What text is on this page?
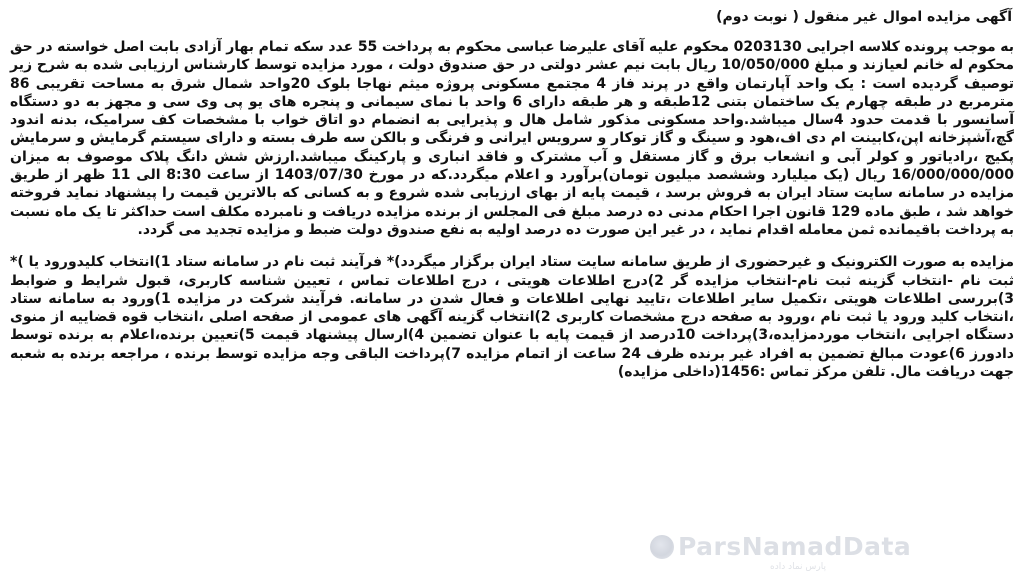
آگهی مزایده اموال غیر منقول ( نوبت دوم)

به موجب پرونده کلاسه اجرایی 0203130 محکوم علیه آقای علیرضا عباسی محکوم به پرداخت 55 عدد سکه تمام بهار آزادی بابت اصل خواسته در حق محکوم له خانم لعیازند و مبلغ 10/050/000 ریال بابت نیم عشر دولتی در حق صندوق دولت ، مورد مزایده توسط کارشناس ارزیابی شده به شرح زیر توصیف گردیده است : یک واحد آپارتمان واقع در پرند فاز 4 مجتمع مسکونی پروژه میثم نهاجا بلوک 20واحد شمال شرق به مساحت تقریبی 86 مترمربع در طبقه چهارم یک ساختمان بتنی 12طبقه و هر طبقه دارای 6 واحد با نمای سیمانی و پنجره های یو پی وی سی و مجهز به دو دستگاه آسانسور با قدمت حدود 4سال میباشد.واحد مسکونی مذکور شامل هال و پذیرایی به انضمام دو اتاق خواب با مشخصات کف سرامیک، بدنه اندود گچ،آشپزخانه اپن،کابینت ام دی اف،هود و سینگ و گاز توکار و سرویس ایرانی و فرنگی و بالکن سه طرف بسته و دارای سیستم گرمایش و سرمایش پکیج ،رادیاتور و کولر آبی و انشعاب برق و گاز مستقل و آب مشترک و فاقد انباری و پارکینگ میباشد.ارزش شش دانگ پلاک موصوف به میزان 16/000/000/000 ریال (یک میلیارد وششصد میلیون تومان)برآورد و اعلام میگردد.که در مورخ 1403/07/30 از ساعت 8:30 الی 11 ظهر از طریق مزایده در سامانه سایت ستاد ایران به فروش برسد ، قیمت پایه از بهای ارزیابی شده شروع و به کسانی که بالاترین قیمت را پیشنهاد نماید فروخته خواهد شد ، طبق ماده 129 قانون اجرا احکام مدنی ده درصد مبلغ فی المجلس از برنده مزایده دریافت و نامبرده مکلف است حداکثر تا یک ماه نسبت به پرداخت باقیمانده ثمن معامله اقدام نماید ، در غیر این صورت ده درصد اولیه به نفع صندوق دولت ضبط و مزایده تجدید می گردد.

مزایده به صورت الکترونیک و غیرحضوری از طریق سامانه سایت ستاد ایران برگزار میگردد)* فرآیند ثبت نام در سامانه ستاد 1)انتخاب کلیدورود یا )* ثبت نام -انتخاب گزینه ثبت نام-انتخاب مزایده گر 2)درج اطلاعات هویتی ، درج اطلاعات تماس ، تعیین شناسه کاربری، قبول شرایط و ضوابط 3)بررسی اطلاعات هویتی ،تکمیل سایر اطلاعات ،تایید نهایی اطلاعات و فعال شدن در سامانه. فرآیند شرکت در مزایده 1)ورود به سامانه ستاد ،انتخاب کلید ورود یا ثبت نام ،ورود به صفحه درج مشخصات کاربری 2)انتخاب گزینه آگهی های عمومی از صفحه اصلی ،انتخاب قوه قضاییه از منوی دستگاه اجرایی ،انتخاب موردمزایده،3)پرداخت 10درصد از قیمت پایه با عنوان تضمین 4)ارسال پیشنهاد قیمت 5)تعیین برنده،اعلام به برنده توسط دادورز 6)عودت مبالغ تضمین به افراد غیر برنده ظرف 24 ساعت از اتمام مزایده 7)پرداخت الباقی وجه مزایده توسط برنده ، مراجعه برنده به شعبه جهت دریافت مال. تلفن مرکز تماس :1456(داخلی مزایده)

ParsNamadData
پارس نماد داده
